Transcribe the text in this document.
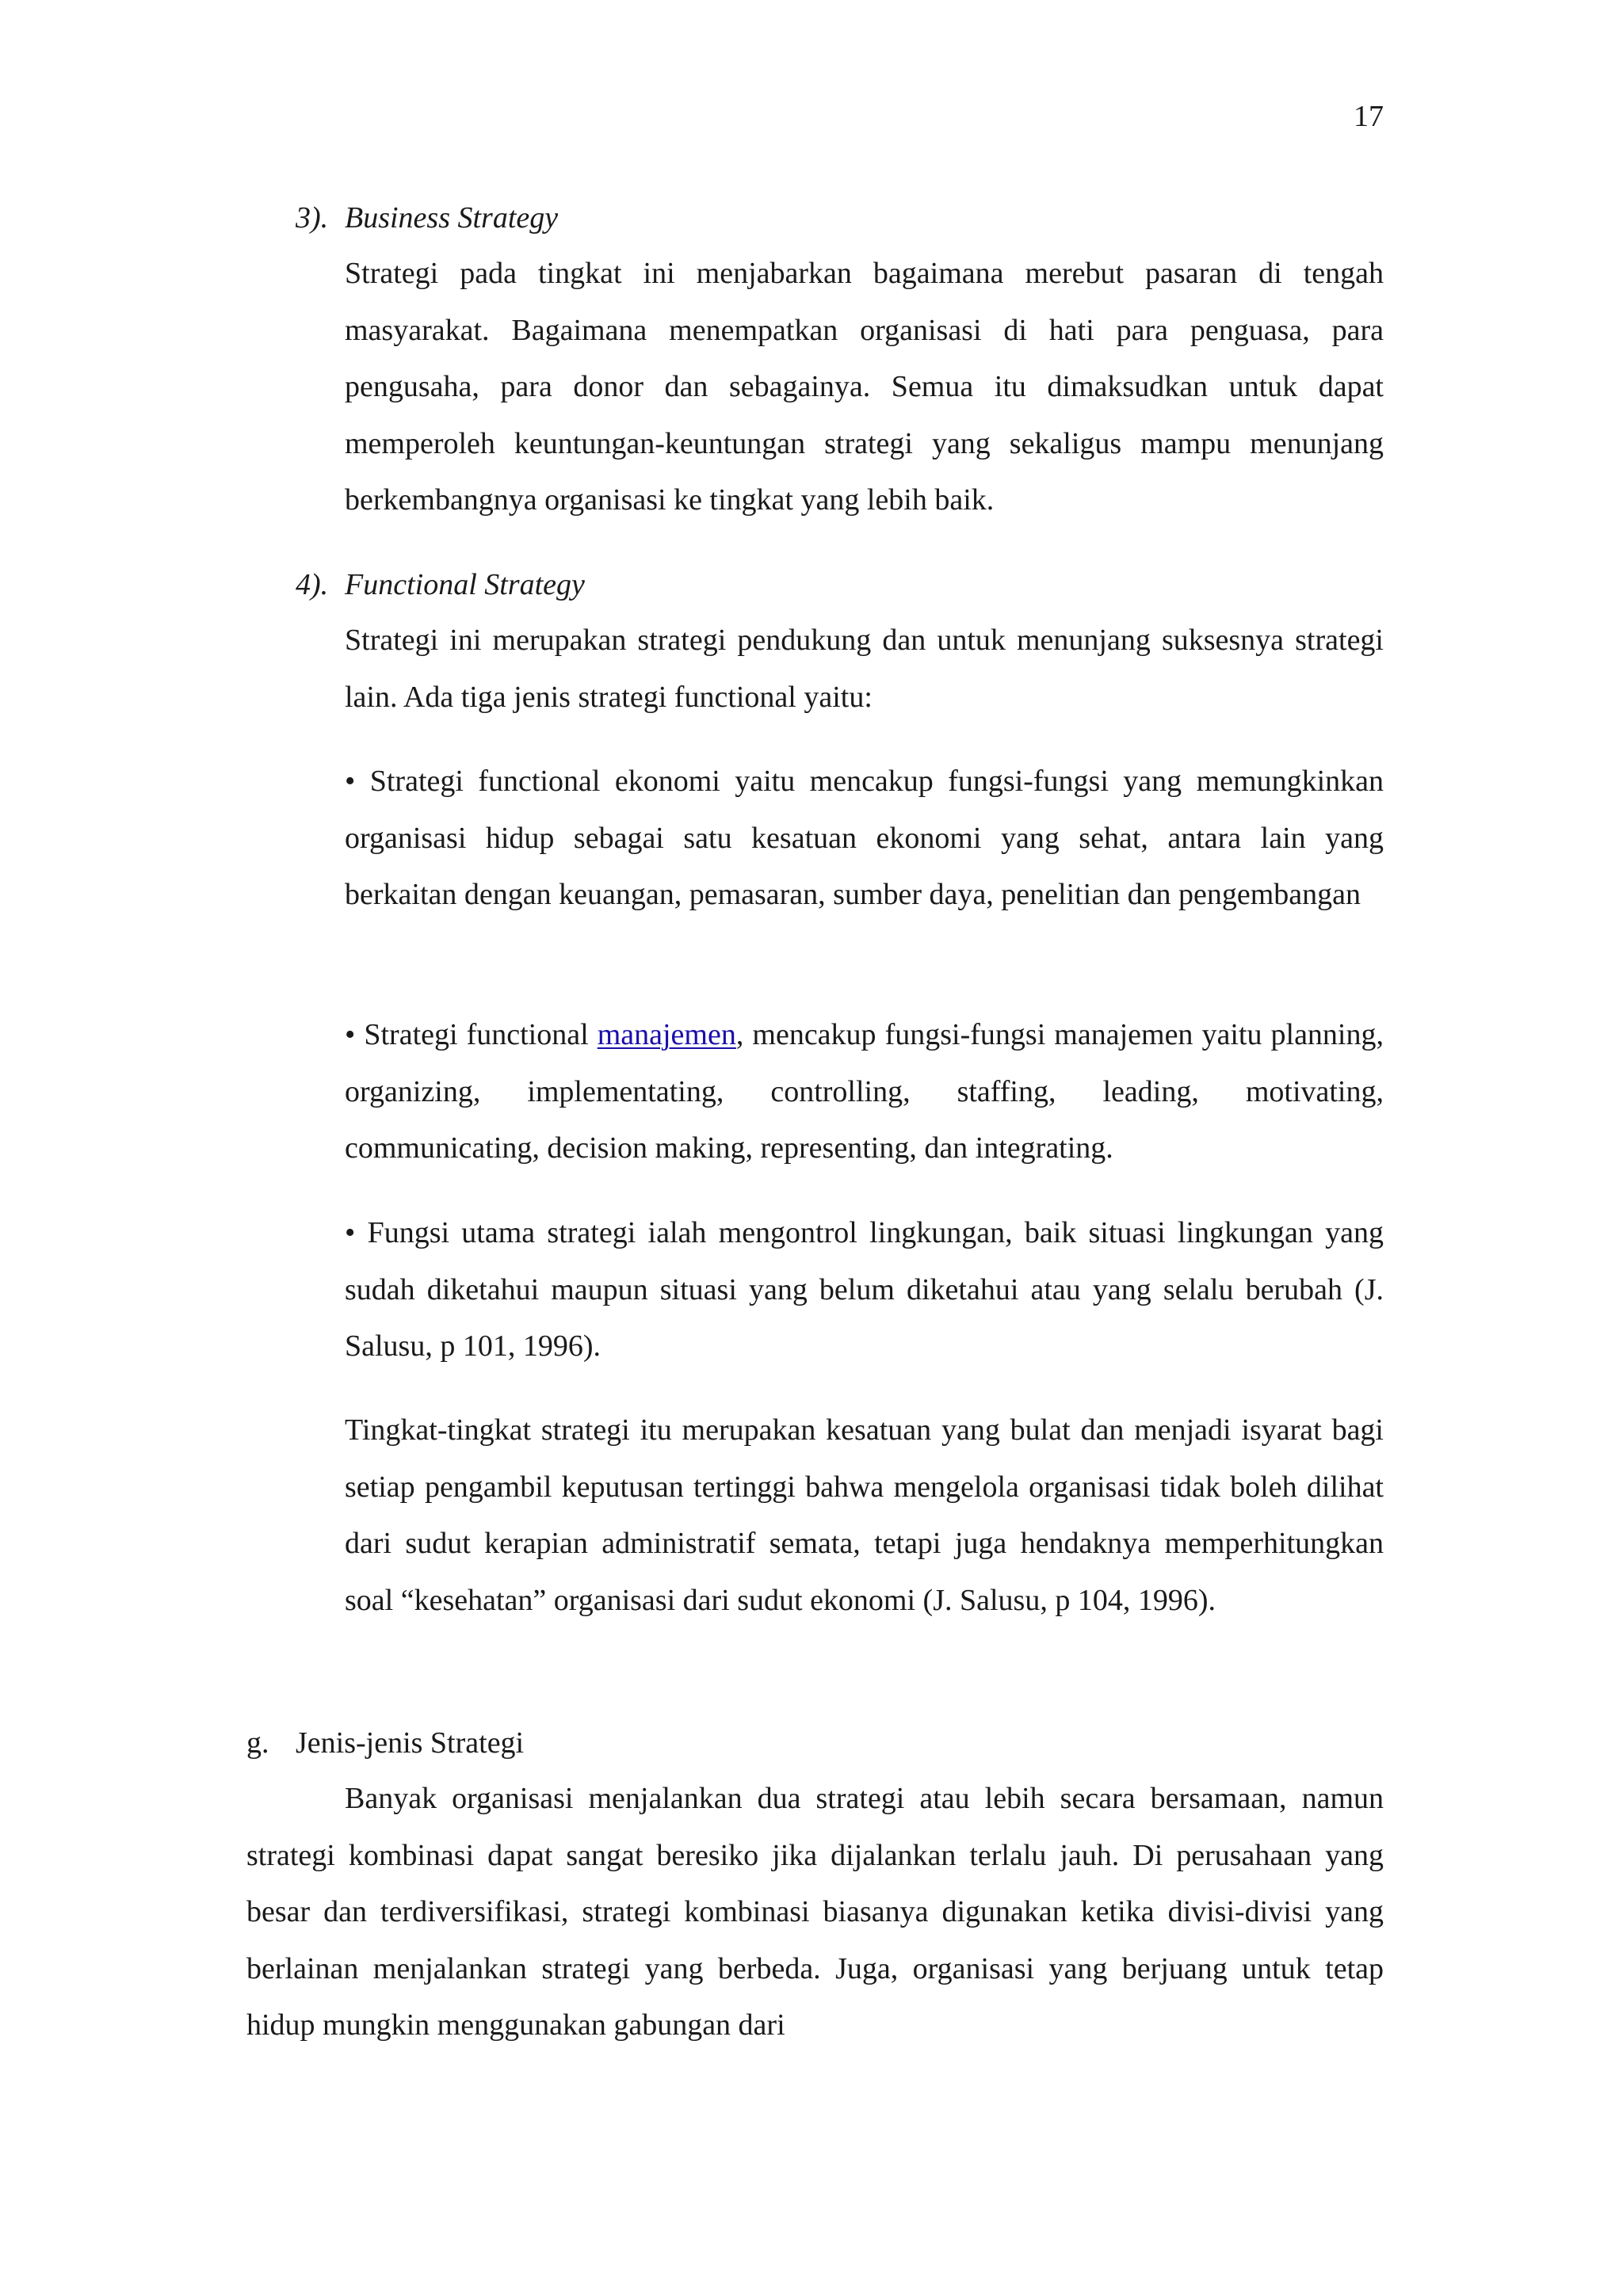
17
3). Business Strategy

Strategi pada tingkat ini menjabarkan bagaimana merebut pasaran di tengah masyarakat. Bagaimana menempatkan organisasi di hati para penguasa, para pengusaha, para donor dan sebagainya. Semua itu dimaksudkan untuk dapat memperoleh keuntungan-keuntungan strategi yang sekaligus mampu menunjang berkembangnya organisasi ke tingkat yang lebih baik.

4). Functional Strategy

Strategi ini merupakan strategi pendukung dan untuk menunjang suksesnya strategi lain. Ada tiga jenis strategi functional yaitu:

• Strategi functional ekonomi yaitu mencakup fungsi-fungsi yang memungkinkan organisasi hidup sebagai satu kesatuan ekonomi yang sehat, antara lain yang berkaitan dengan keuangan, pemasaran, sumber daya, penelitian dan pengembangan

• Strategi functional manajemen, mencakup fungsi-fungsi manajemen yaitu planning, organizing, implementating, controlling, staffing, leading, motivating, communicating, decision making, representing, dan integrating.

• Fungsi utama strategi ialah mengontrol lingkungan, baik situasi lingkungan yang sudah diketahui maupun situasi yang belum diketahui atau yang selalu berubah (J. Salusu, p 101, 1996).

Tingkat-tingkat strategi itu merupakan kesatuan yang bulat dan menjadi isyarat bagi setiap pengambil keputusan tertinggi bahwa mengelola organisasi tidak boleh dilihat dari sudut kerapian administratif semata, tetapi juga hendaknya memperhitungkan soal “kesehatan” organisasi dari sudut ekonomi (J. Salusu, p 104, 1996).

g. Jenis-jenis Strategi

Banyak organisasi menjalankan dua strategi atau lebih secara bersamaan, namun strategi kombinasi dapat sangat beresiko jika dijalankan terlalu jauh. Di perusahaan yang besar dan terdiversifikasi, strategi kombinasi biasanya digunakan ketika divisi-divisi yang berlainan menjalankan strategi yang berbeda. Juga, organisasi yang berjuang untuk tetap hidup mungkin menggunakan gabungan dari
